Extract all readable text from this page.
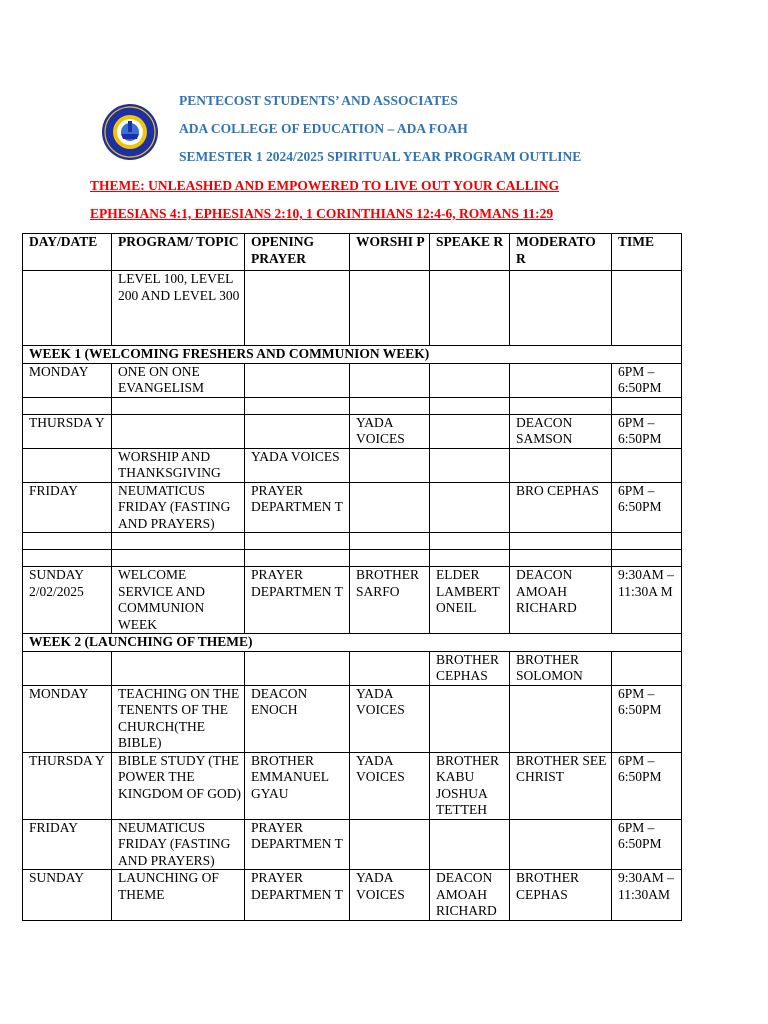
PENTECOST STUDENTS’ AND ASSOCIATES
ADA COLLEGE OF EDUCATION – ADA FOAH
SEMESTER 1 2024/2025 SPIRITUAL YEAR PROGRAM OUTLINE
THEME: UNLEASHED AND EMPOWERED TO LIVE OUT YOUR CALLING
EPHESIANS 4:1, EPHESIANS 2:10, 1 CORINTHIANS 12:4-6, ROMANS 11:29
DAY/DATE	PROGRAM/ TOPIC	OPENING PRAYER	WORSHI P	SPEAKE R	MODERATO R	TIME
	LEVEL 100, LEVEL 200 AND LEVEL 300					
WEEK 1 (WELCOMING FRESHERS AND COMMUNION WEEK)						
MONDAY	ONE ON ONE EVANGELISM					6PM – 6:50PM

THURSDA Y			YADA VOICES		DEACON SAMSON	6PM – 6:50PM
	WORSHIP AND THANKSGIVING	YADA VOICES				
FRIDAY	NEUMATICUS FRIDAY (FASTING AND PRAYERS)	PRAYER DEPARTMEN T			BRO CEPHAS	6PM – 6:50PM

SUNDAY 2/02/2025	WELCOME SERVICE AND COMMUNION WEEK	PRAYER DEPARTMEN T	BROTHER SARFO	ELDER LAMBERT ONEIL	DEACON AMOAH RICHARD	9:30AM – 11:30A M
WEEK 2 (LAUNCHING OF THEME)						
				BROTHER CEPHAS	BROTHER SOLOMON	
MONDAY	TEACHING ON THE TENENTS OF THE CHURCH(THE BIBLE)	DEACON ENOCH	YADA VOICES			6PM – 6:50PM
THURSDA Y	BIBLE STUDY (THE POWER THE KINGDOM OF GOD)	BROTHER EMMANUEL GYAU	YADA VOICES	BROTHER KABU JOSHUA TETTEH	BROTHER SEE CHRIST	6PM – 6:50PM
FRIDAY	NEUMATICUS FRIDAY (FASTING AND PRAYERS)	PRAYER DEPARTMEN T				6PM – 6:50PM
SUNDAY	LAUNCHING OF THEME	PRAYER DEPARTMEN T	YADA VOICES	DEACON AMOAH RICHARD	BROTHER CEPHAS	9:30AM – 11:30AM
